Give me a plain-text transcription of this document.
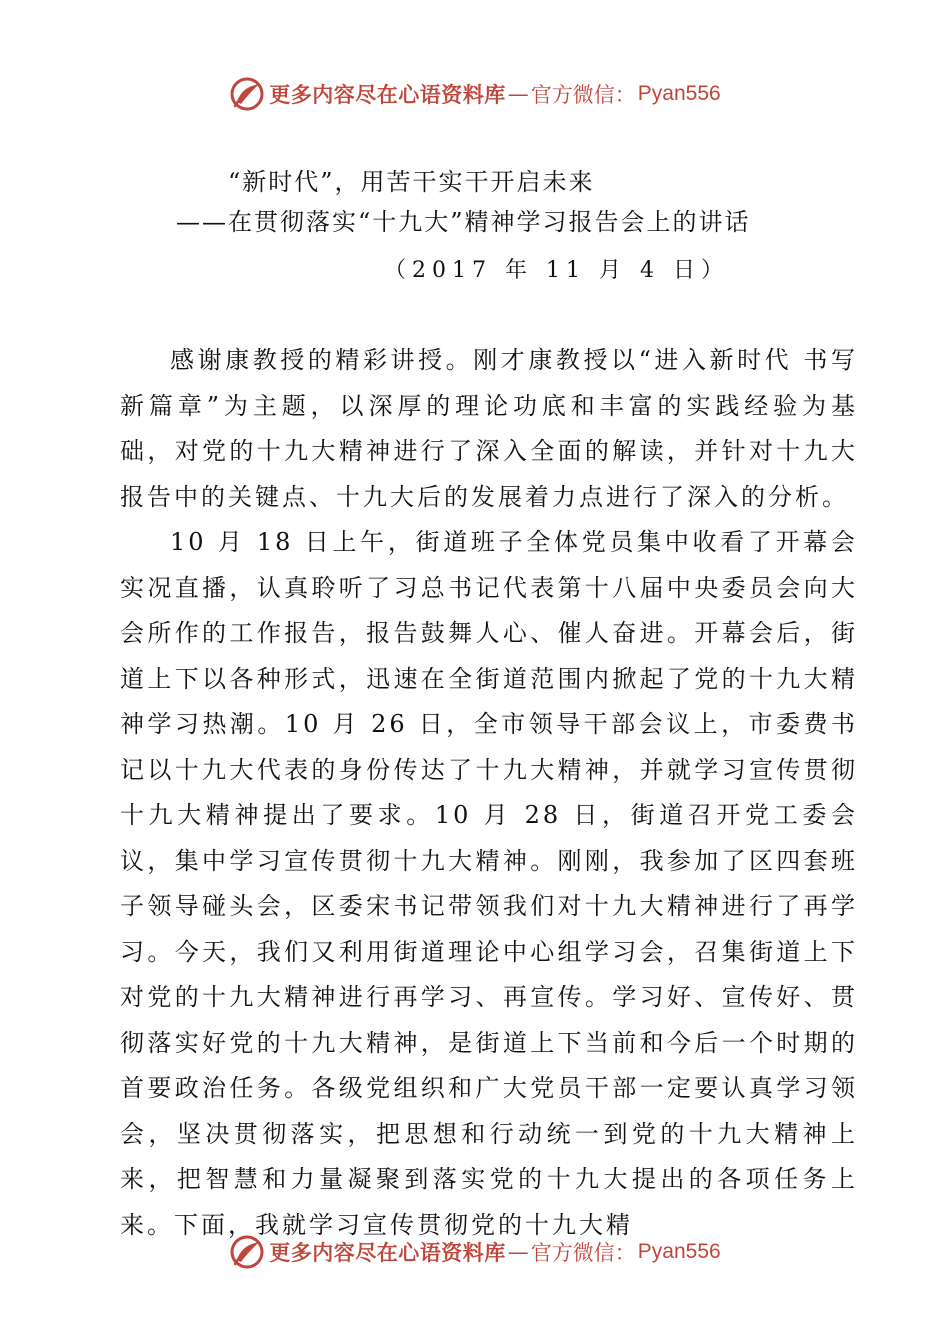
更多内容尽在心语资料库 — 官方微信： Pyan556
“新时代”，用苦干实干开启未来
——在贯彻落实“十九大”精神学习报告会上的讲话
（2017 年 11 月 4 日）

感谢康教授的精彩讲授。刚才康教授以“进入新时代 书写新篇章”为主题，以深厚的理论功底和丰富的实践经验为基础，对党的十九大精神进行了深入全面的解读，并针对十九大报告中的关键点、十九大后的发展着力点进行了深入的分析。

10 月 18 日上午，街道班子全体党员集中收看了开幕会实况直播，认真聆听了习总书记代表第十八届中央委员会向大会所作的工作报告，报告鼓舞人心、催人奋进。开幕会后，街道上下以各种形式，迅速在全街道范围内掀起了党的十九大精神学习热潮。10 月 26 日，全市领导干部会议上，市委费书记以十九大代表的身份传达了十九大精神，并就学习宣传贯彻十九大精神提出了要求。10 月 28 日，街道召开党工委会议，集中学习宣传贯彻十九大精神。刚刚，我参加了区四套班子领导碰头会，区委宋书记带领我们对十九大精神进行了再学习。今天，我们又利用街道理论中心组学习会，召集街道上下对党的十九大精神进行再学习、再宣传。学习好、宣传好、贯彻落实好党的十九大精神，是街道上下当前和今后一个时期的首要政治任务。各级党组织和广大党员干部一定要认真学习领会，坚决贯彻落实，把思想和行动统一到党的十九大精神上来，把智慧和力量凝聚到落实党的十九大提出的各项任务上来。下面，我就学习宣传贯彻党的十九大精

更多内容尽在心语资料库 — 官方微信： Pyan556
